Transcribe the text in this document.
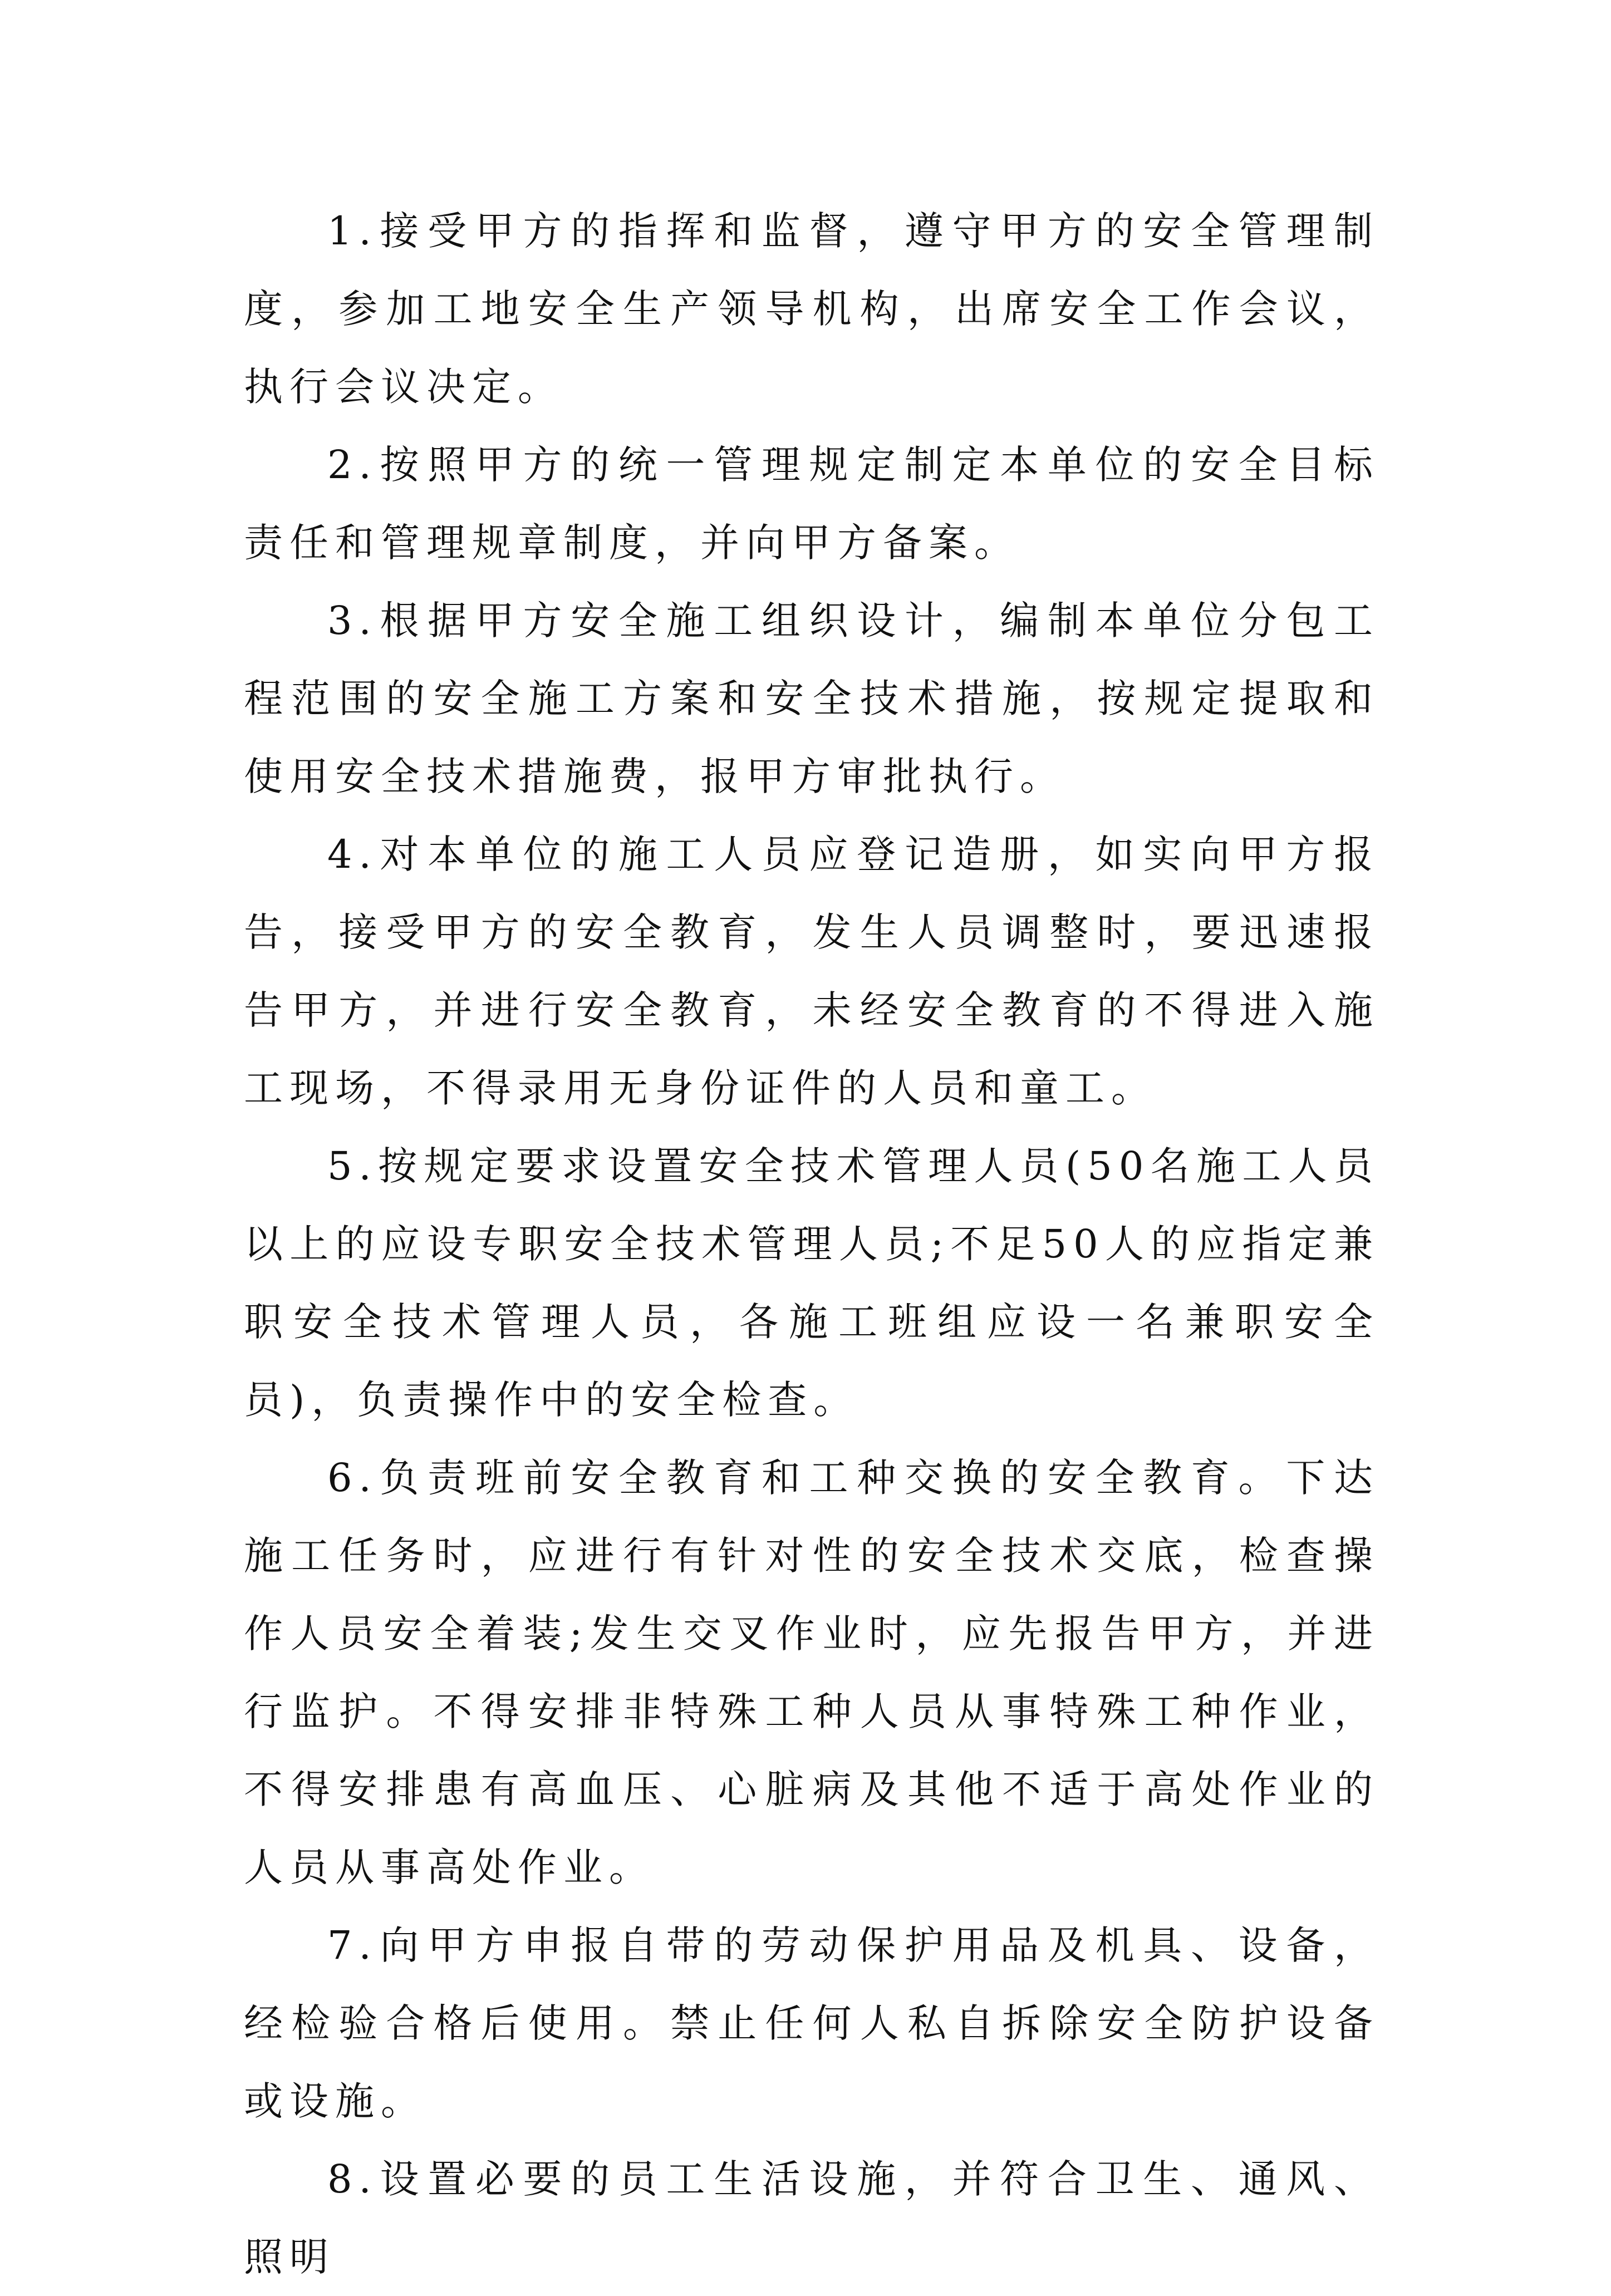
1.接受甲方的指挥和监督，遵守甲方的安全管理制度，参加工地安全生产领导机构，出席安全工作会议，执行会议决定。

2.按照甲方的统一管理规定制定本单位的安全目标责任和管理规章制度，并向甲方备案。

3.根据甲方安全施工组织设计，编制本单位分包工程范围的安全施工方案和安全技术措施，按规定提取和使用安全技术措施费，报甲方审批执行。

4.对本单位的施工人员应登记造册，如实向甲方报告，接受甲方的安全教育，发生人员调整时，要迅速报告甲方，并进行安全教育，未经安全教育的不得进入施工现场，不得录用无身份证件的人员和童工。

5.按规定要求设置安全技术管理人员(50名施工人员以上的应设专职安全技术管理人员;不足50人的应指定兼职安全技术管理人员，各施工班组应设一名兼职安全员)，负责操作中的安全检查。

6.负责班前安全教育和工种交换的安全教育。下达施工任务时，应进行有针对性的安全技术交底，检查操作人员安全着装;发生交叉作业时，应先报告甲方，并进行监护。不得安排非特殊工种人员从事特殊工种作业，不得安排患有高血压、心脏病及其他不适于高处作业的人员从事高处作业。

7.向甲方申报自带的劳动保护用品及机具、设备，经检验合格后使用。禁止任何人私自拆除安全防护设备或设施。

8.设置必要的员工生活设施，并符合卫生、通风、照明
